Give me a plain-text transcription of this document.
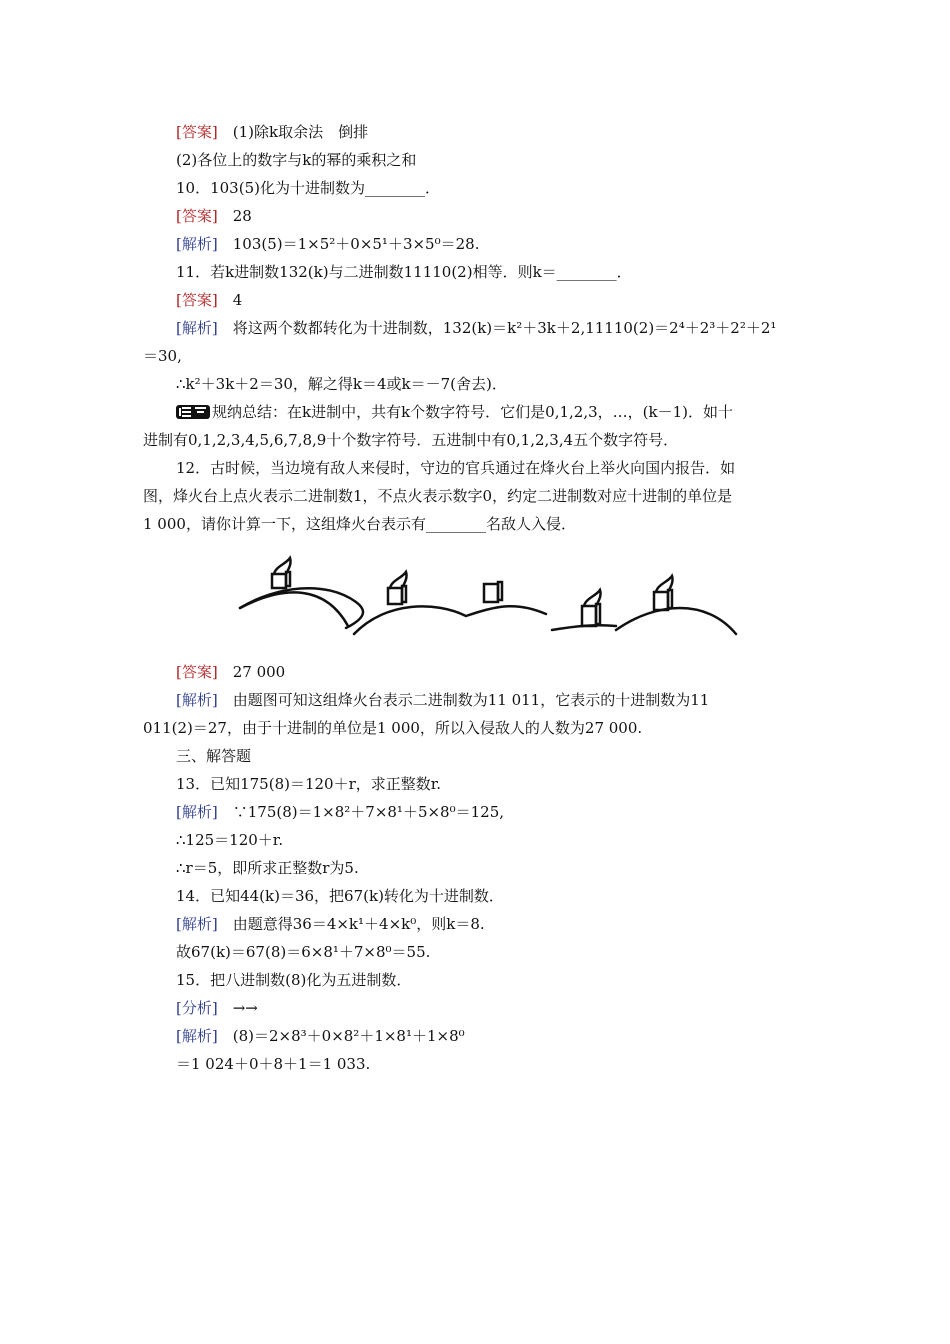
[答案]　 (1)除k取余法　倒排
(2)各位上的数字与k的幂的乘积之和
10．103(5)化为十进制数为________．
[答案]　 28
[解析]　 103(5)＝1×5²＋0×5¹＋3×5⁰＝28.
11．若k进制数132(k)与二进制数11110(2)相等．则k＝________．
[答案]　 4
[解析]　 将这两个数都转化为十进制数，132(k)＝k²＋3k＋2,11110(2)＝2⁴＋2³＋2²＋2¹
＝30,
∴k²＋3k＋2＝30，解之得k＝4或k＝－7(舍去)．
规纳总结：在k进制中，共有k个数字符号．它们是0,1,2,3，…，(k－1)．如十
进制有0,1,2,3,4,5,6,7,8,9十个数字符号．五进制中有0,1,2,3,4五个数字符号．
12．古时候，当边境有敌人来侵时，守边的官兵通过在烽火台上举火向国内报告．如
图，烽火台上点火表示二进制数1，不点火表示数字0，约定二进制数对应十进制的单位是
1 000，请你计算一下，这组烽火台表示有________名敌人入侵．
[答案]　 27 000
[解析]　 由题图可知这组烽火台表示二进制数为11 011，它表示的十进制数为11
011(2)＝27，由于十进制的单位是1 000，所以入侵敌人的人数为27 000.
三、解答题
13．已知175(8)＝120＋r，求正整数r.
[解析]　 ∵175(8)＝1×8²＋7×8¹＋5×8⁰＝125,
∴125＝120＋r.
∴r＝5，即所求正整数r为5.
14．已知44(k)＝36，把67(k)转化为十进制数．
[解析]　 由题意得36＝4×k¹＋4×k⁰，则k＝8.
故67(k)＝67(8)＝6×8¹＋7×8⁰＝55.
15．把八进制数(8)化为五进制数．
[分析]　 →→
[解析]　 (8)＝2×8³＋0×8²＋1×8¹＋1×8⁰
＝1 024＋0＋8＋1＝1 033.
